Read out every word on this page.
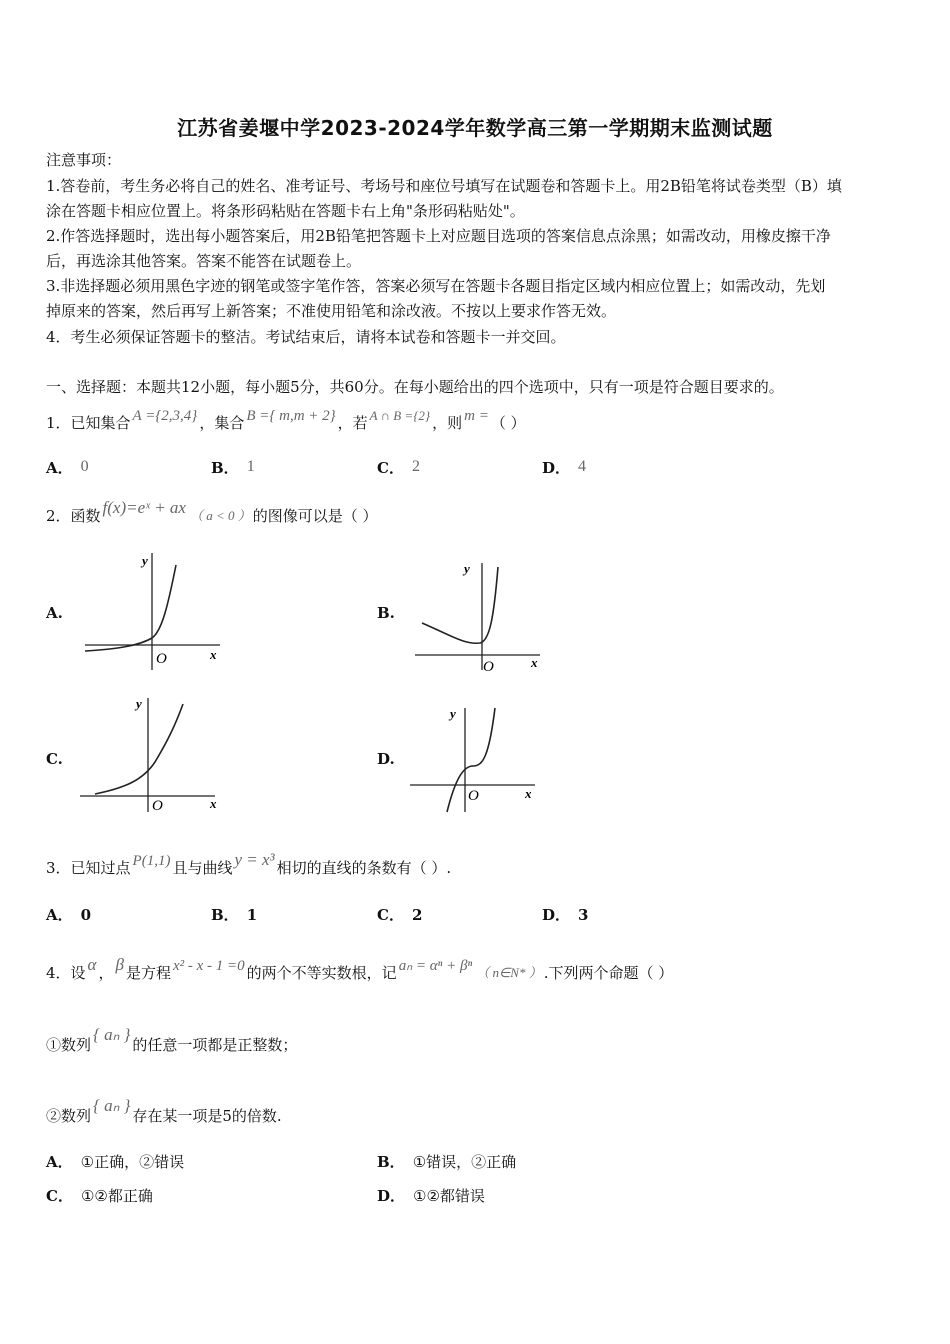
江苏省姜堰中学2023-2024学年数学高三第一学期期末监测试题
注意事项：
1.答卷前，考生务必将自己的姓名、准考证号、考场号和座位号填写在试题卷和答题卡上。用2B铅笔将试卷类型（B）填
涂在答题卡相应位置上。将条形码粘贴在答题卡右上角"条形码粘贴处"。
2.作答选择题时，选出每小题答案后，用2B铅笔把答题卡上对应题目选项的答案信息点涂黑；如需改动，用橡皮擦干净
后，再选涂其他答案。答案不能答在试题卷上。
3.非选择题必须用黑色字迹的钢笔或签字笔作答，答案必须写在答题卡各题目指定区域内相应位置上；如需改动，先划
掉原来的答案，然后再写上新答案；不准使用铅笔和涂改液。不按以上要求作答无效。
4．考生必须保证答题卡的整洁。考试结束后，请将本试卷和答题卡一并交回。
一、选择题：本题共12小题，每小题5分，共60分。在每小题给出的四个选项中，只有一项是符合题目要求的。
1．已知集合 A ={2,3,4} ，集合 B ={ m,m + 2} ，若 A ∩ B ={2} ，则 m = （ ）
A． 0	B． 1	C． 2	D． 4
2．函数 f(x)=eˣ + ax （ a < 0 ） 的图像可以是（ ）
A.	B.
C.	D.
y
x
O
y
x
O
y
x
O
y
x
O
3．已知过点 P(1,1) 且与曲线 y = x³ 相切的直线的条数有（ ）.
A． 0	B． 1	C． 2	D． 3
4．设 α ， β 是方程 x² - x - 1 =0 的两个不等实数根，记 aₙ = αⁿ + βⁿ （ n∈N* ） .下列两个命题（ ）
①数列{ aₙ }的任意一项都是正整数；
②数列{ aₙ }存在某一项是5的倍数.
A． ①正确，②错误	B． ①错误，②正确
C． ①②都正确	D． ①②都错误
